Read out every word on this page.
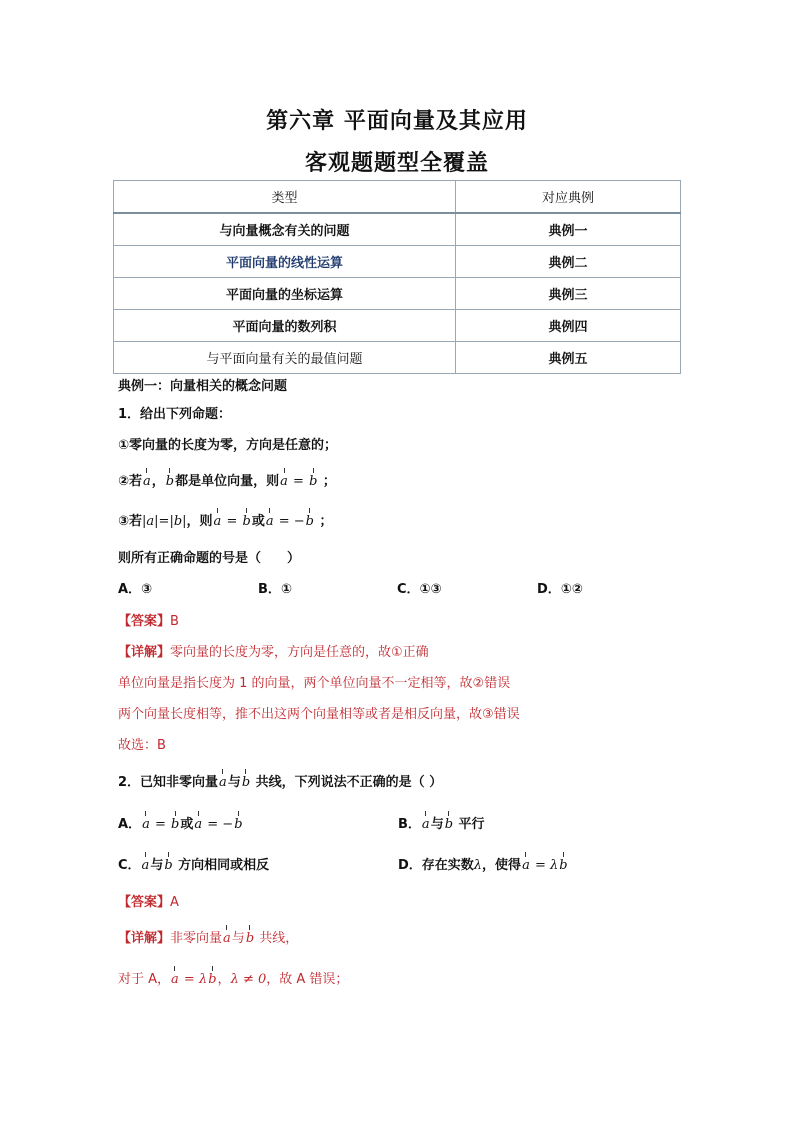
第六章 平面向量及其应用
客观题题型全覆盖
类型	对应典例
与向量概念有关的问题	典例一
平面向量的线性运算	典例二
平面向量的坐标运算	典例三
平面向量的数列积	典例四
与平面向量有关的最值问题	典例五
典例一：向量相关的概念问题
1．给出下列命题：
①零向量的长度为零，方向是任意的；
②若a，b都是单位向量，则a = b ；
③若|a|=|b|，则a = b或a = −b ；
则所有正确命题的号是（　　）
A．③	B．①	C．①③	D．①②
【答案】B
【详解】零向量的长度为零，方向是任意的，故①正确
单位向量是指长度为 1 的向量，两个单位向量不一定相等，故②错误
两个向量长度相等，推不出这两个向量相等或者是相反向量，故③错误
故选：B
2．已知非零向量a与b 共线，下列说法不正确的是（ ）
A．a = b或a = −b	B．a与b 平行
C．a与b 方向相同或相反	D．存在实数λ，使得a = λb
【答案】A
【详解】非零向量a与b 共线，
对于 A，a = λb，λ ≠ 0，故 A 错误；
